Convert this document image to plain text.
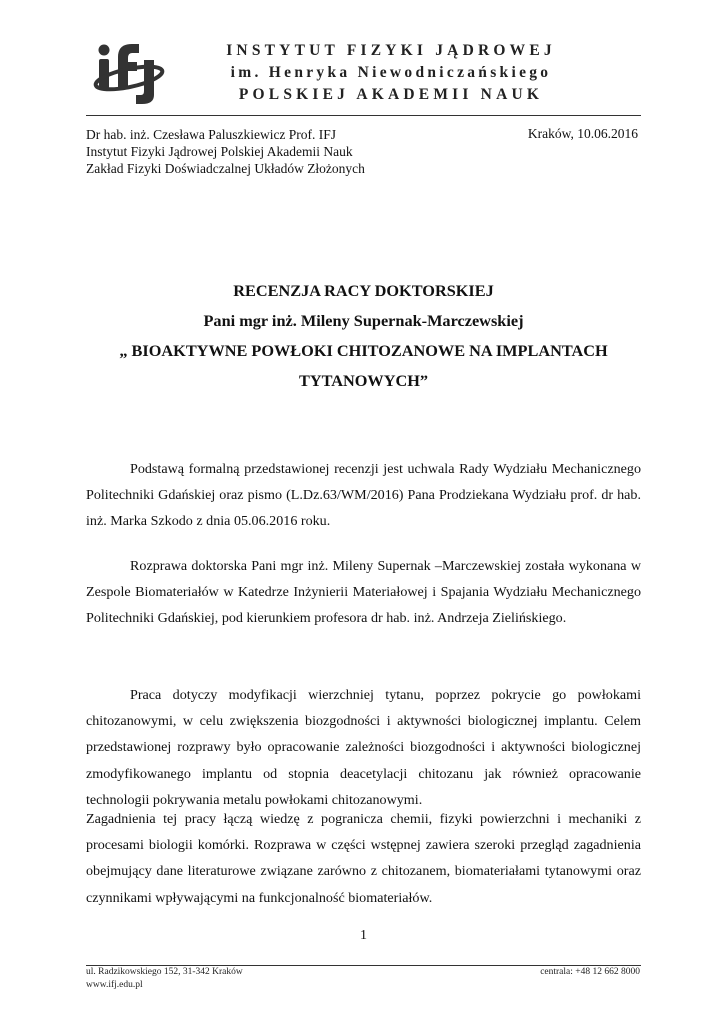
INSTYTUT FIZYKI JĄDROWEJ
im. Henryka Niewodniczańskiego
POLSKIEJ AKADEMII NAUK
Dr hab. inż. Czesława Paluszkiewicz Prof. IFJ
Instytut Fizyki Jądrowej Polskiej Akademii Nauk
Zakład Fizyki Doświadczalnej Układów Złożonych
Kraków, 10.06.2016
RECENZJA RACY DOKTORSKIEJ
Pani mgr inż. Mileny Supernak-Marczewskiej
„ BIOAKTYWNE POWŁOKI CHITOZANOWE NA IMPLANTACH
TYTANOWYCH”

Podstawą formalną przedstawionej recenzji jest uchwala Rady Wydziału Mechanicznego Politechniki Gdańskiej oraz pismo (L.Dz.63/WM/2016) Pana Prodziekana Wydziału prof. dr hab. inż. Marka Szkodo z dnia 05.06.2016 roku.

Rozprawa doktorska Pani mgr inż. Mileny Supernak –Marczewskiej została wykonana w Zespole Biomateriałów w Katedrze Inżynierii Materiałowej i Spajania Wydziału Mechanicznego Politechniki Gdańskiej, pod kierunkiem profesora dr hab. inż. Andrzeja Zielińskiego.

Praca dotyczy modyfikacji wierzchniej tytanu, poprzez pokrycie go powłokami chitozanowymi, w celu zwiększenia biozgodności i aktywności biologicznej implantu. Celem przedstawionej rozprawy było opracowanie zależności biozgodności i aktywności biologicznej zmodyfikowanego implantu od stopnia deacetylacji chitozanu jak również opracowanie technologii pokrywania metalu powłokami chitozanowymi.

Zagadnienia tej pracy łączą wiedzę z pogranicza chemii, fizyki powierzchni i mechaniki z procesami biologii komórki. Rozprawa w części wstępnej zawiera szeroki przegląd zagadnienia obejmujący dane literaturowe związane zarówno z chitozanem, biomateriałami tytanowymi oraz czynnikami wpływającymi na funkcjonalność biomateriałów.

1
ul. Radzikowskiego 152, 31-342 Kraków
www.ifj.edu.pl
centrala: +48 12 662 8000
